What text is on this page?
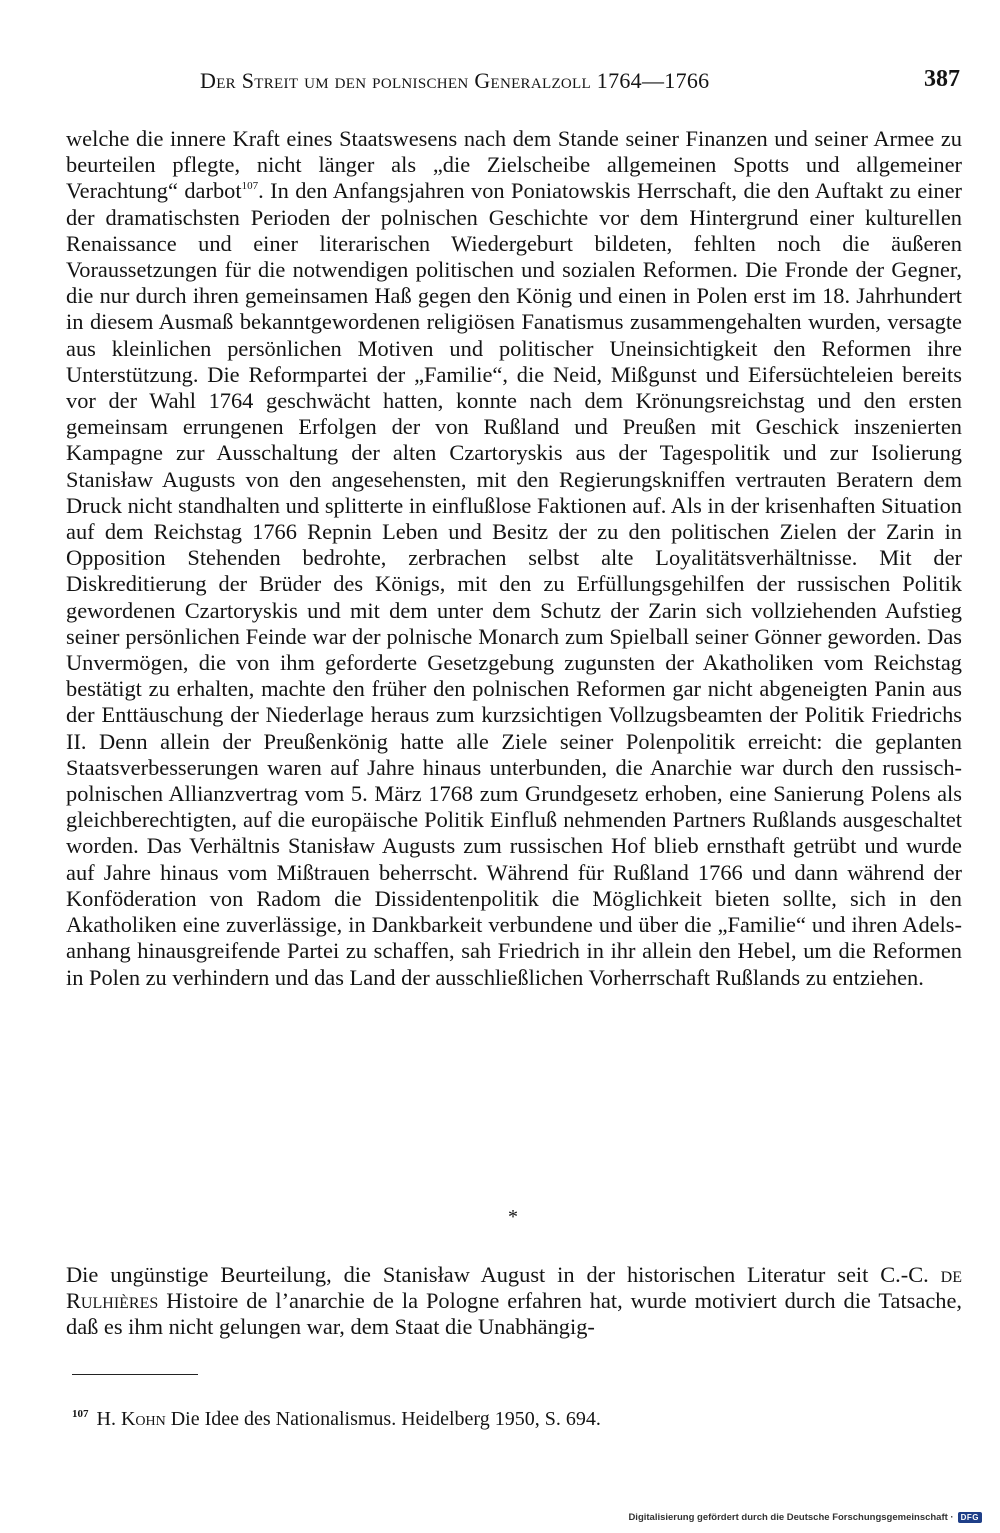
Der Streit um den polnischen Generalzoll 1764—1766	387

welche die innere Kraft eines Staatswesens nach dem Stande seiner Finanzen und seiner Armee zu beurteilen pflegte, nicht länger als „die Zielscheibe allgemeinen Spotts und allgemeiner Verachtung“ darbot$^{107}$. In den Anfangsjahren von Poniatowskis Herrschaft, die den Auftakt zu einer der dramatischsten Perioden der polnischen Geschichte vor dem Hintergrund einer kulturellen Renaissance und einer literarischen Wiedergeburt bildeten, fehlten noch die äußeren Voraussetzungen für die notwendigen politischen und sozialen Reformen. Die Fronde der Gegner, die nur durch ihren gemeinsamen Haß gegen den König und einen in Polen erst im 18. Jahrhundert in diesem Ausmaß bekanntgewordenen religiösen Fanatismus zusammengehalten wurden, versagte aus kleinlichen persönlichen Motiven und politischer Uneinsichtigkeit den Reformen ihre Unterstützung. Die Reformpartei der „Familie“, die Neid, Mißgunst und Eifersüchteleien bereits vor der Wahl 1764 geschwächt hatten, konnte nach dem Krönungsreichstag und den ersten gemeinsam errungenen Erfolgen der von Rußland und Preußen mit Geschick inszenierten Kampagne zur Ausschaltung der alten Czartoryskis aus der Tagespolitik und zur Isolierung Stanisław Augusts von den angesehensten, mit den Regierungskniffen vertrauten Beratern dem Druck nicht standhalten und splitterte in einflußlose Faktionen auf. Als in der krisenhaften Situation auf dem Reichstag 1766 Repnin Leben und Besitz der zu den politischen Zielen der Zarin in Opposition Stehenden bedrohte, zerbrachen selbst alte Loyalitätsverhältnisse. Mit der Diskreditierung der Brüder des Königs, mit den zu Erfüllungsgehilfen der russischen Politik gewordenen Czartoryskis und mit dem unter dem Schutz der Zarin sich vollziehenden Aufstieg seiner persönlichen Feinde war der polnische Monarch zum Spielball seiner Gönner geworden. Das Unvermögen, die von ihm geforderte Gesetzgebung zugunsten der Akatholiken vom Reichstag bestätigt zu erhalten, machte den früher den polnischen Reformen gar nicht abgeneigten Panin aus der Enttäuschung der Niederlage heraus zum kurzsichtigen Vollzugsbeamten der Politik Friedrichs II. Denn allein der Preußenkönig hatte alle Ziele seiner Polenpolitik erreicht: die geplanten Staatsverbesserungen waren auf Jahre hinaus unterbunden, die Anarchie war durch den russisch-polnischen Allianzvertrag vom 5. März 1768 zum Grundgesetz erhoben, eine Sanierung Polens als gleichberechtigten, auf die europäische Politik Einfluß nehmenden Partners Rußlands ausgeschaltet worden. Das Verhältnis Stanisław Augusts zum russischen Hof blieb ernsthaft getrübt und wurde auf Jahre hinaus vom Mißtrauen beherrscht. Während für Rußland 1766 und dann während der Konföderation von Radom die Dissidentenpolitik die Möglichkeit bieten sollte, sich in den Akatholiken eine zuverlässige, in Dankbarkeit verbundene und über die „Familie“ und ihren Adelsanhang hinausgreifende Partei zu schaffen, sah Friedrich in ihr allein den Hebel, um die Reformen in Polen zu verhindern und das Land der ausschließlichen Vorherrschaft Rußlands zu entziehen.

*

Die ungünstige Beurteilung, die Stanisław August in der historischen Literatur seit C.-C. de Rulhières Histoire de l’anarchie de la Pologne erfahren hat, wurde motiviert durch die Tatsache, daß es ihm nicht gelungen war, dem Staat die Unabhängig-

$^{107}$ H. Kohn Die Idee des Nationalismus. Heidelberg 1950, S. 694.
Digitalisierung gefördert durch die Deutsche Forschungsgemeinschaft · DFG
